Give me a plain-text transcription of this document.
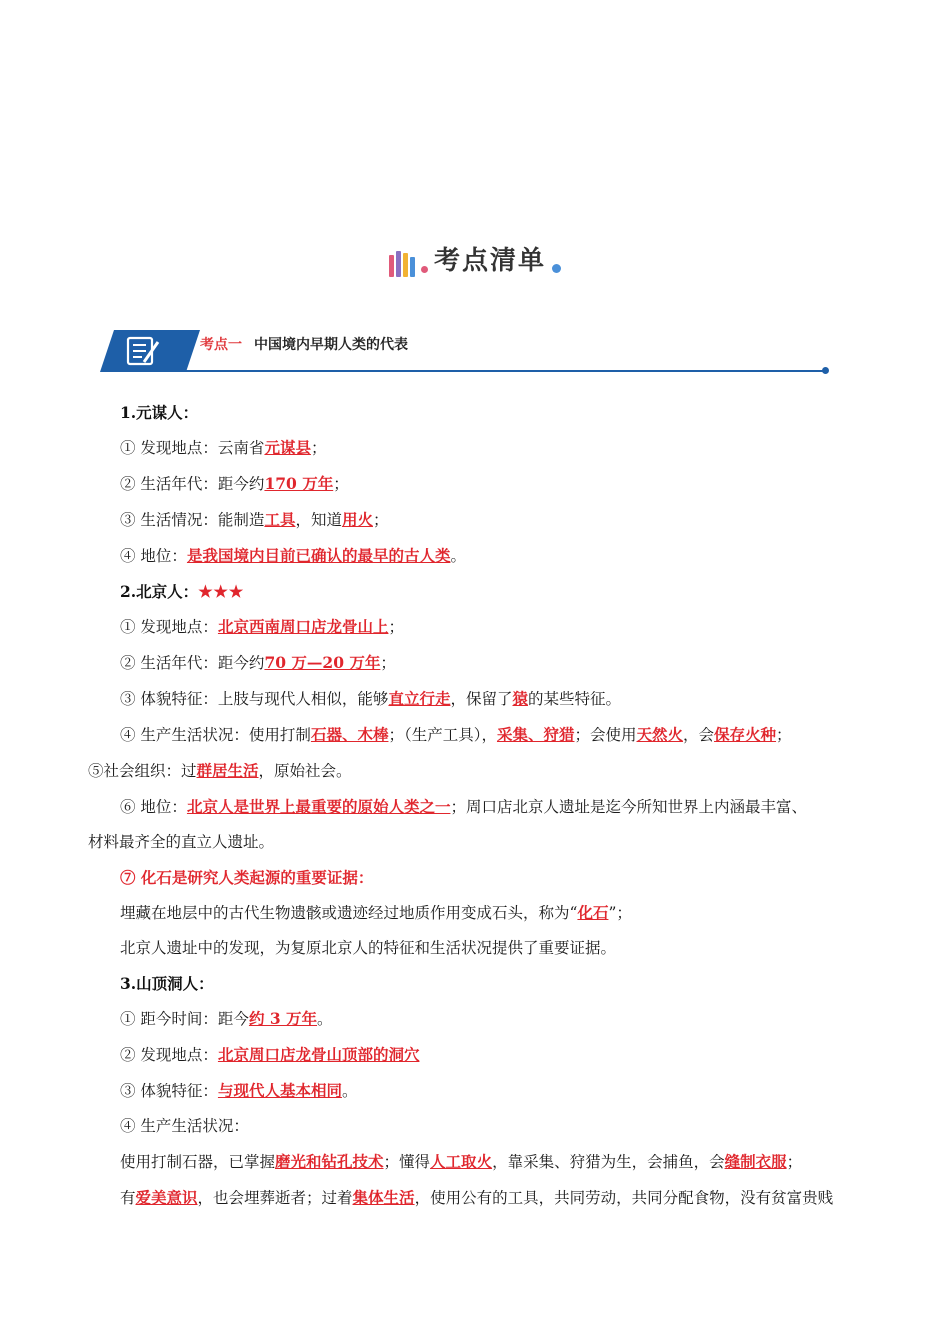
考点清单
考点一 中国境内早期人类的代表
1.元谋人：
① 发现地点：云南省元谋县；
② 生活年代：距今约170 万年；
③ 生活情况：能制造工具，知道用火；
④ 地位：是我国境内目前已确认的最早的古人类。
2.北京人：★★★
① 发现地点：北京西南周口店龙骨山上；
② 生活年代：距今约70 万—20 万年；
③ 体貌特征：上肢与现代人相似，能够直立行走，保留了猿的某些特征。
④ 生产生活状况：使用打制石器、木棒；（生产工具），采集、狩猎；会使用天然火，会保存火种；
⑤社会组织：过群居生活，原始社会。
⑥ 地位：北京人是世界上最重要的原始人类之一；周口店北京人遗址是迄今所知世界上内涵最丰富、
材料最齐全的直立人遗址。
⑦ 化石是研究人类起源的重要证据：
埋藏在地层中的古代生物遗骸或遗迹经过地质作用变成石头，称为“化石”；
北京人遗址中的发现，为复原北京人的特征和生活状况提供了重要证据。
3.山顶洞人：
① 距今时间：距今约 3 万年。
② 发现地点：北京周口店龙骨山顶部的洞穴
③ 体貌特征：与现代人基本相同。
④ 生产生活状况：
使用打制石器，已掌握磨光和钻孔技术；懂得人工取火，靠采集、狩猎为生，会捕鱼，会缝制衣服；
有爱美意识，也会埋葬逝者；过着集体生活，使用公有的工具，共同劳动，共同分配食物，没有贫富贵贱
